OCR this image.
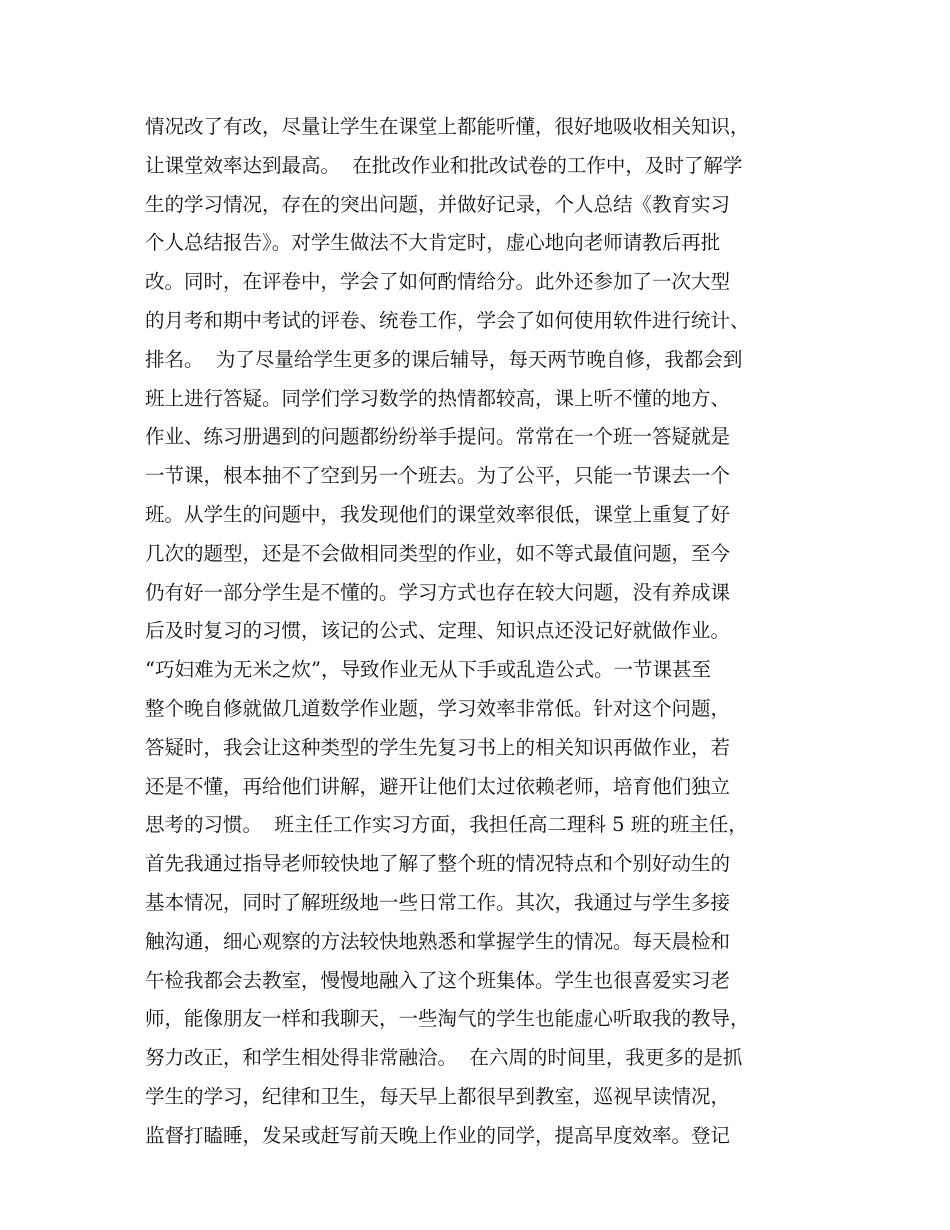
情况改了有改，尽量让学生在课堂上都能听懂，很好地吸收相关知识，
让课堂效率达到最高。  在批改作业和批改试卷的工作中，及时了解学
生的学习情况，存在的突出问题，并做好记录，个人总结《教育实习
个人总结报告》。对学生做法不大肯定时，虚心地向老师请教后再批
改。同时，在评卷中，学会了如何酌情给分。此外还参加了一次大型
的月考和期中考试的评卷、统卷工作，学会了如何使用软件进行统计、
排名。  为了尽量给学生更多的课后辅导，每天两节晚自修，我都会到
班上进行答疑。同学们学习数学的热情都较高，课上听不懂的地方、
作业、练习册遇到的问题都纷纷举手提问。常常在一个班一答疑就是
一节课，根本抽不了空到另一个班去。为了公平，只能一节课去一个
班。从学生的问题中，我发现他们的课堂效率很低，课堂上重复了好
几次的题型，还是不会做相同类型的作业，如不等式最值问题，至今
仍有好一部分学生是不懂的。学习方式也存在较大问题，没有养成课
后及时复习的习惯，该记的公式、定理、知识点还没记好就做作业。
“巧妇难为无米之炊”，导致作业无从下手或乱造公式。一节课甚至
整个晚自修就做几道数学作业题，学习效率非常低。针对这个问题，
答疑时，我会让这种类型的学生先复习书上的相关知识再做作业，若
还是不懂，再给他们讲解，避开让他们太过依赖老师，培育他们独立
思考的习惯。  班主任工作实习方面，我担任高二理科 5 班的班主任，
首先我通过指导老师较快地了解了整个班的情况特点和个别好动生的
基本情况，同时了解班级地一些日常工作。其次，我通过与学生多接
触沟通，细心观察的方法较快地熟悉和掌握学生的情况。每天晨检和
午检我都会去教室，慢慢地融入了这个班集体。学生也很喜爱实习老
师，能像朋友一样和我聊天，一些淘气的学生也能虚心听取我的教导，
努力改正，和学生相处得非常融洽。  在六周的时间里，我更多的是抓
学生的学习，纪律和卫生，每天早上都很早到教室，巡视早读情况，
监督打瞌睡，发呆或赶写前天晚上作业的同学，提高早度效率。登记
